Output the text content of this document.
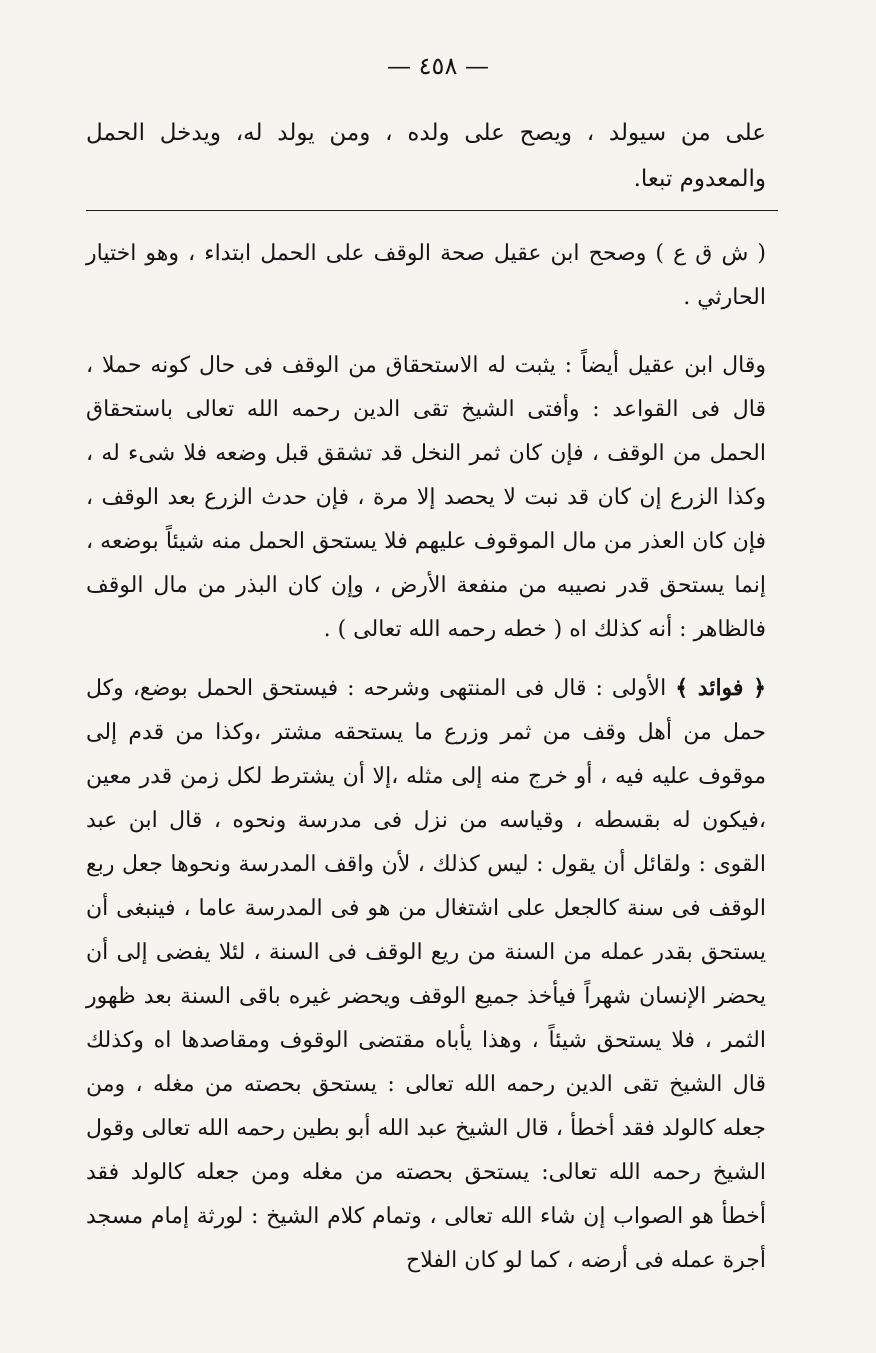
— ٤٥٨ —
على من سيولد ، ويصح على ولده ، ومن يولد له، ويدخل الحمل والمعدوم تبعا.
( ش ق ع ) وصحح ابن عقيل صحة الوقف على الحمل ابتداء ، وهو اختيار الحارثي .
وقال ابن عقيل أيضاً : يثبت له الاستحقاق من الوقف فى حال كونه حملا ، قال فى القواعد : وأفتى الشيخ تقى الدين رحمه الله تعالى باستحقاق الحمل من الوقف ، فإن كان ثمر النخل قد تشقق قبل وضعه فلا شىء له ، وكذا الزرع إن كان قد نبت لا يحصد إلا مرة ، فإن حدث الزرع بعد الوقف ، فإن كان العذر من مال الموقوف عليهم فلا يستحق الحمل منه شيئاً بوضعه ، إنما يستحق قدر نصيبه من منفعة الأرض ، وإن كان البذر من مال الوقف فالظاهر : أنه كذلك اه ( خطه رحمه الله تعالى ) .
﴿ فوائد ﴾ الأولى : قال فى المنتهى وشرحه : فيستحق الحمل بوضع، وكل حمل من أهل وقف من ثمر وزرع ما يستحقه مشتر ،وكذا من قدم إلى موقوف عليه فيه ، أو خرج منه إلى مثله ،إلا أن يشترط لكل زمن قدر معين ،فيكون له بقسطه ، وقياسه من نزل فى مدرسة ونحوه ، قال ابن عبد القوى : ولقائل أن يقول : ليس كذلك ، لأن واقف المدرسة ونحوها جعل ربع الوقف فى سنة كالجعل على اشتغال من هو فى المدرسة عاما ، فينبغى أن يستحق بقدر عمله من السنة من ريع الوقف فى السنة ، لئلا يفضى إلى أن يحضر الإنسان شهراً فيأخذ جميع الوقف ويحضر غيره باقى السنة بعد ظهور الثمر ، فلا يستحق شيئاً ، وهذا يأباه مقتضى الوقوف ومقاصدها اه وكذلك قال الشيخ تقى الدين رحمه الله تعالى : يستحق بحصته من مغله ، ومن جعله كالولد فقد أخطأ ، قال الشيخ عبد الله أبو بطين رحمه الله تعالى وقول الشيخ رحمه الله تعالى: يستحق بحصته من مغله ومن جعله كالولد فقد أخطأ هو الصواب إن شاء الله تعالى ، وتمام كلام الشيخ : لورثة إمام مسجد أجرة عمله فى أرضه ، كما لو كان الفلاح
